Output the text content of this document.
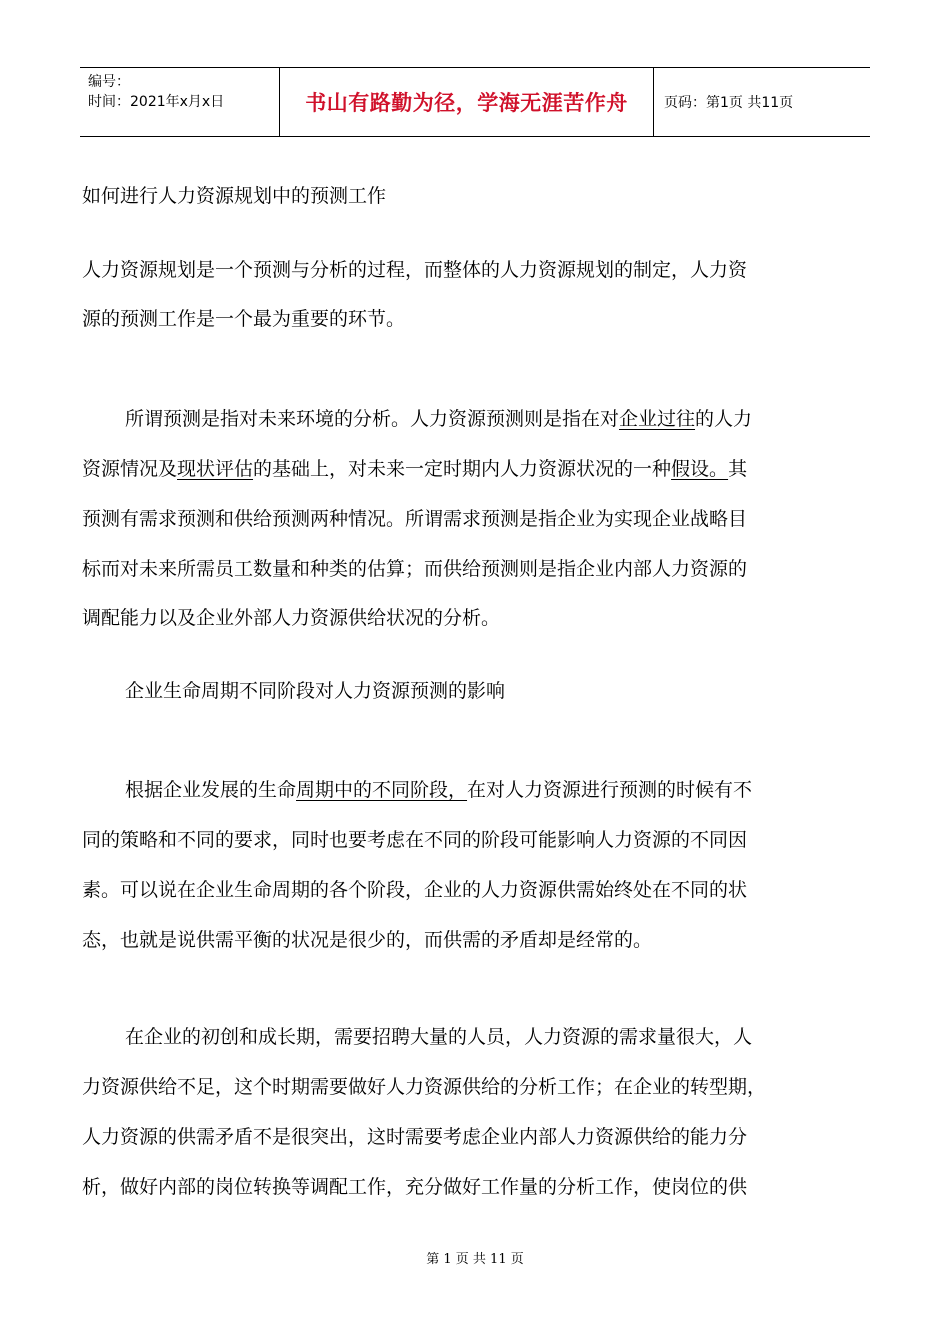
编号：
时间：2021年x月x日	书山有路勤为径，学海无涯苦作舟	页码：第1页 共11页
如何进行人力资源规划中的预测工作
人力资源规划是一个预测与分析的过程，而整体的人力资源规划的制定，人力资
源的预测工作是一个最为重要的环节。
所谓预测是指对未来环境的分析。人力资源预测则是指在对企业过往的人力
资源情况及现状评估的基础上，对未来一定时期内人力资源状况的一种假设。其
预测有需求预测和供给预测两种情况。所谓需求预测是指企业为实现企业战略目
标而对未来所需员工数量和种类的估算；而供给预测则是指企业内部人力资源的
调配能力以及企业外部人力资源供给状况的分析。
企业生命周期不同阶段对人力资源预测的影响
根据企业发展的生命周期中的不同阶段，在对人力资源进行预测的时候有不
同的策略和不同的要求，同时也要考虑在不同的阶段可能影响人力资源的不同因
素。可以说在企业生命周期的各个阶段，企业的人力资源供需始终处在不同的状
态，也就是说供需平衡的状况是很少的，而供需的矛盾却是经常的。
在企业的初创和成长期，需要招聘大量的人员，人力资源的需求量很大，人
力资源供给不足，这个时期需要做好人力资源供给的分析工作；在企业的转型期，
人力资源的供需矛盾不是很突出，这时需要考虑企业内部人力资源供给的能力分
析，做好内部的岗位转换等调配工作，充分做好工作量的分析工作，使岗位的供
第 1 页 共 11 页
